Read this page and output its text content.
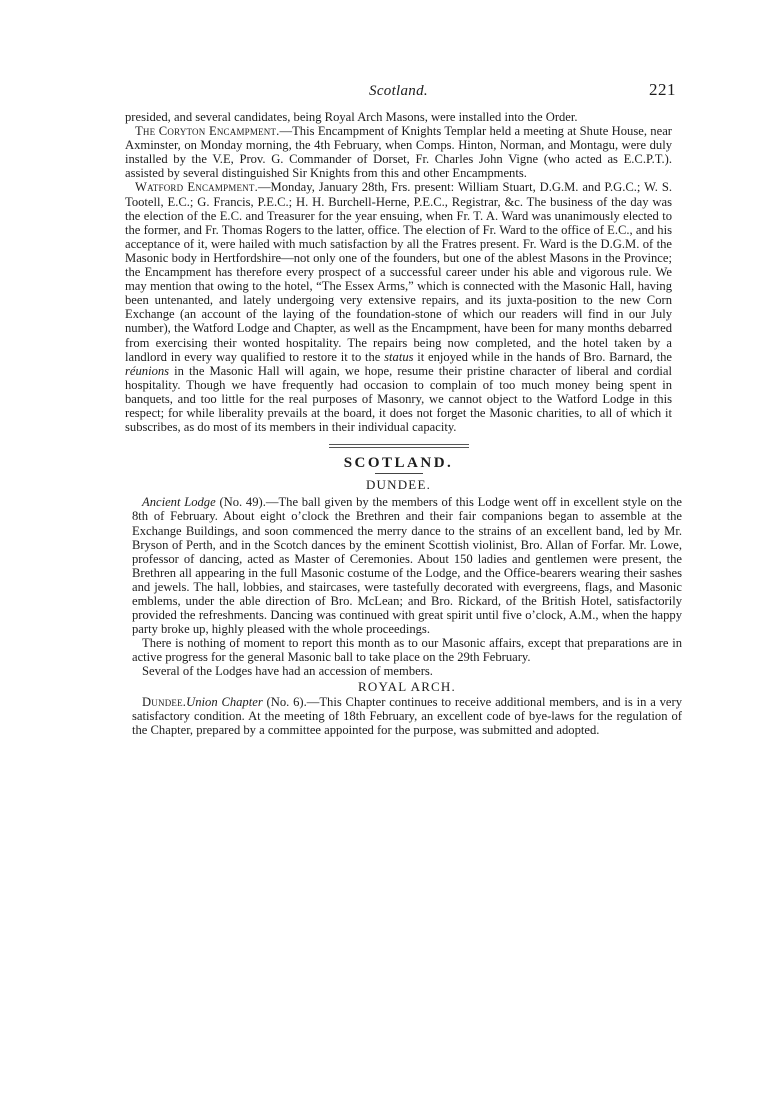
Scotland.	221

presided, and several candidates, being Royal Arch Masons, were installed into the Order.

The Coryton Encampment.—This Encampment of Knights Templar held a meeting at Shute House, near Axminster, on Monday morning, the 4th February, when Comps. Hinton, Norman, and Montagu, were duly installed by the V.E, Prov. G. Commander of Dorset, Fr. Charles John Vigne (who acted as E.C.P.T.). assisted by several distinguished Sir Knights from this and other Encampments.

Watford Encampment.—Monday, January 28th, Frs. present: William Stuart, D.G.M. and P.G.C.; W. S. Tootell, E.C.; G. Francis, P.E.C.; H. H. Burchell-Herne, P.E.C., Registrar, &c. The business of the day was the election of the E.C. and Treasurer for the year ensuing, when Fr. T. A. Ward was unanimously elected to the former, and Fr. Thomas Rogers to the latter, office. The election of Fr. Ward to the office of E.C., and his acceptance of it, were hailed with much satisfaction by all the Fratres present. Fr. Ward is the D.G.M. of the Masonic body in Hertfordshire—not only one of the founders, but one of the ablest Masons in the Province; the Encampment has therefore every prospect of a successful career under his able and vigorous rule. We may mention that owing to the hotel, “The Essex Arms,” which is connected with the Masonic Hall, having been untenanted, and lately undergoing very extensive repairs, and its juxta-position to the new Corn Exchange (an account of the laying of the foundation-stone of which our readers will find in our July number), the Watford Lodge and Chapter, as well as the Encampment, have been for many months debarred from exercising their wonted hospitality. The repairs being now completed, and the hotel taken by a landlord in every way qualified to restore it to the status it enjoyed while in the hands of Bro. Barnard, the réunions in the Masonic Hall will again, we hope, resume their pristine character of liberal and cordial hospitality. Though we have frequently had occasion to complain of too much money being spent in banquets, and too little for the real purposes of Masonry, we cannot object to the Watford Lodge in this respect; for while liberality prevails at the board, it does not forget the Masonic charities, to all of which it subscribes, as do most of its members in their individual capacity.

SCOTLAND.
DUNDEE.

Ancient Lodge (No. 49).—The ball given by the members of this Lodge went off in excellent style on the 8th of February. About eight o’clock the Brethren and their fair companions began to assemble at the Exchange Buildings, and soon commenced the merry dance to the strains of an excellent band, led by Mr. Bryson of Perth, and in the Scotch dances by the eminent Scottish violinist, Bro. Allan of Forfar. Mr. Lowe, professor of dancing, acted as Master of Ceremonies. About 150 ladies and gentlemen were present, the Brethren all appearing in the full Masonic costume of the Lodge, and the Office-bearers wearing their sashes and jewels. The hall, lobbies, and staircases, were tastefully decorated with evergreens, flags, and Masonic emblems, under the able direction of Bro. McLean; and Bro. Rickard, of the British Hotel, satisfactorily provided the refreshments. Dancing was continued with great spirit until five o’clock, A.M., when the happy party broke up, highly pleased with the whole proceedings.

There is nothing of moment to report this month as to our Masonic affairs, except that preparations are in active progress for the general Masonic ball to take place on the 29th February.

Several of the Lodges have had an accession of members.

ROYAL ARCH.

Dundee.Union Chapter (No. 6).—This Chapter continues to receive additional members, and is in a very satisfactory condition. At the meeting of 18th February, an excellent code of bye-laws for the regulation of the Chapter, prepared by a committee appointed for the purpose, was submitted and adopted.
